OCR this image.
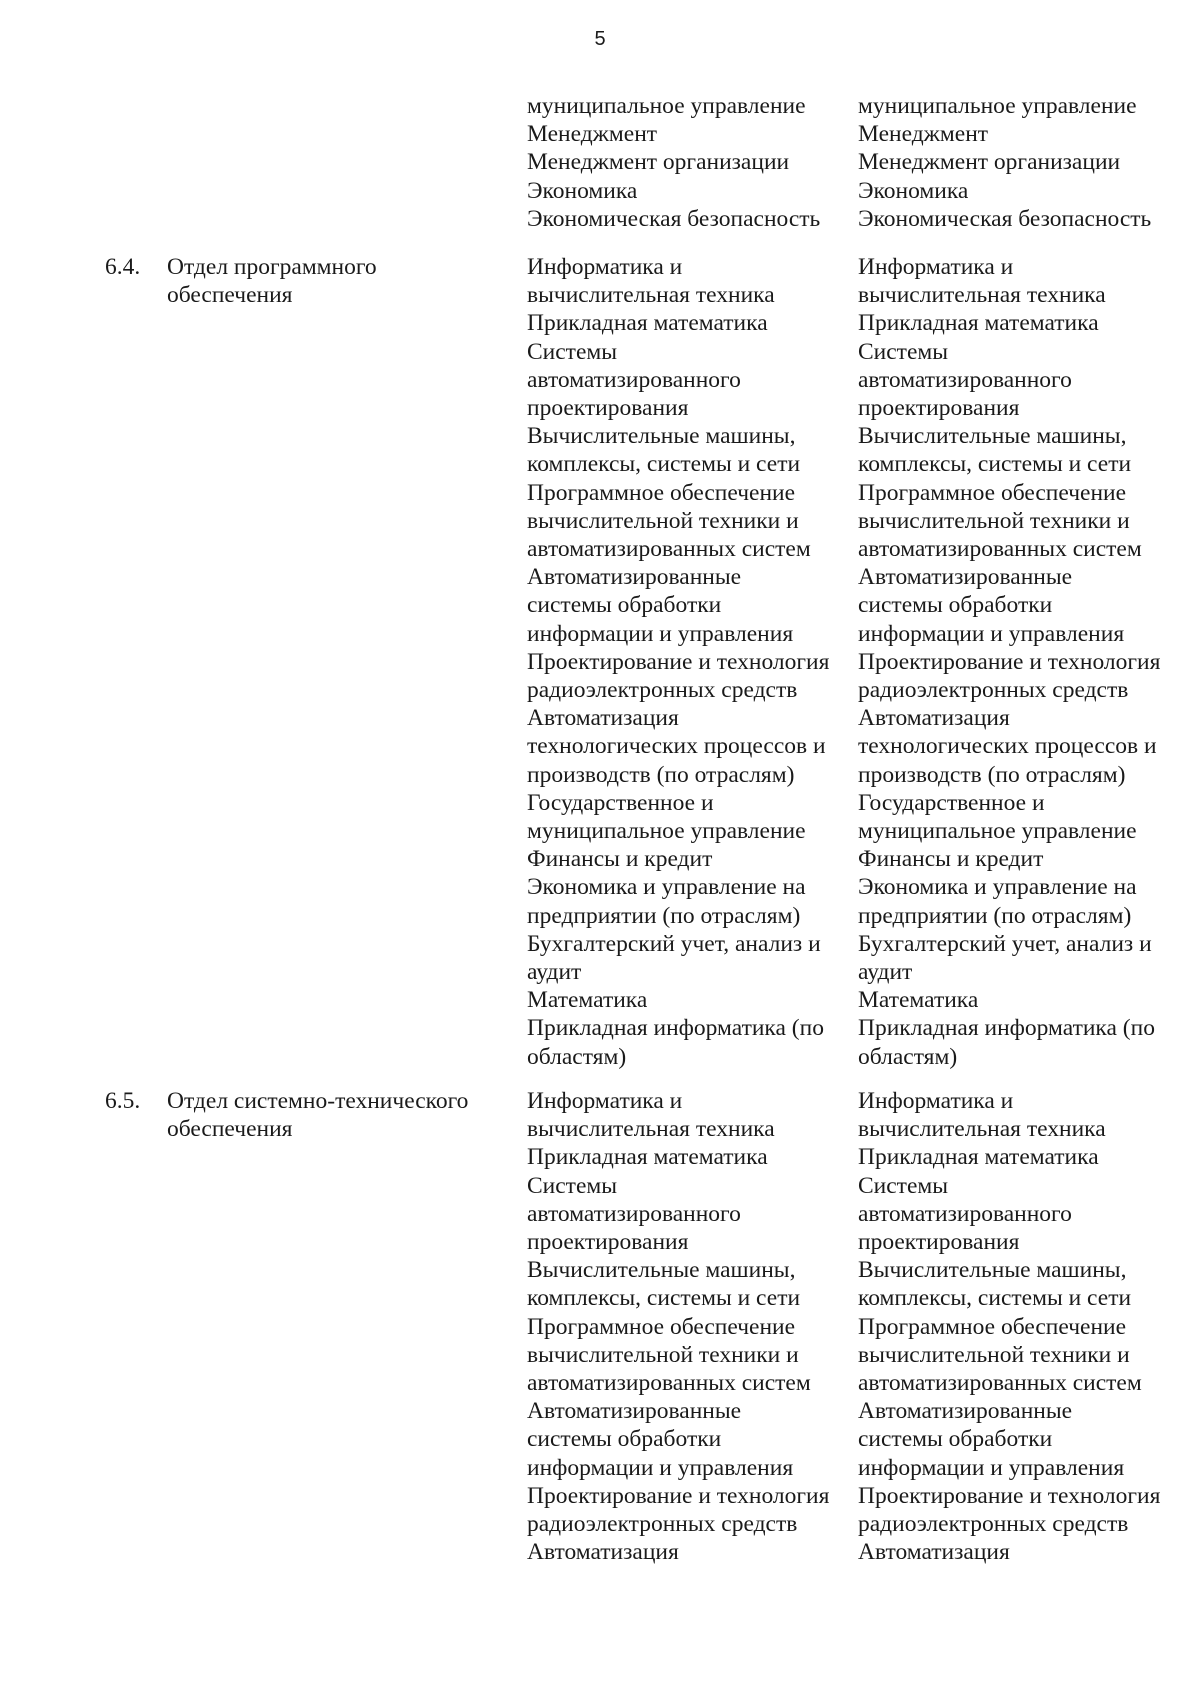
5
муниципальное управление
Менеджмент
Менеджмент организации
Экономика
Экономическая безопасность
муниципальное управление
Менеджмент
Менеджмент организации
Экономика
Экономическая безопасность
6.4. Отдел программного
обеспечения
Информатика и
вычислительная техника
Прикладная математика
Системы
автоматизированного
проектирования
Вычислительные машины,
комплексы, системы и сети
Программное обеспечение
вычислительной техники и
автоматизированных систем
Автоматизированные
системы обработки
информации и управления
Проектирование и технология
радиоэлектронных средств
Автоматизация
технологических процессов и
производств (по отраслям)
Государственное и
муниципальное управление
Финансы и кредит
Экономика и управление на
предприятии (по отраслям)
Бухгалтерский учет, анализ и
аудит
Математика
Прикладная информатика (по
областям)
Информатика и
вычислительная техника
Прикладная математика
Системы
автоматизированного
проектирования
Вычислительные машины,
комплексы, системы и сети
Программное обеспечение
вычислительной техники и
автоматизированных систем
Автоматизированные
системы обработки
информации и управления
Проектирование и технология
радиоэлектронных средств
Автоматизация
технологических процессов и
производств (по отраслям)
Государственное и
муниципальное управление
Финансы и кредит
Экономика и управление на
предприятии (по отраслям)
Бухгалтерский учет, анализ и
аудит
Математика
Прикладная информатика (по
областям)
6.5. Отдел системно-технического
обеспечения
Информатика и
вычислительная техника
Прикладная математика
Системы
автоматизированного
проектирования
Вычислительные машины,
комплексы, системы и сети
Программное обеспечение
вычислительной техники и
автоматизированных систем
Автоматизированные
системы обработки
информации и управления
Проектирование и технология
радиоэлектронных средств
Автоматизация
Информатика и
вычислительная техника
Прикладная математика
Системы
автоматизированного
проектирования
Вычислительные машины,
комплексы, системы и сети
Программное обеспечение
вычислительной техники и
автоматизированных систем
Автоматизированные
системы обработки
информации и управления
Проектирование и технология
радиоэлектронных средств
Автоматизация
